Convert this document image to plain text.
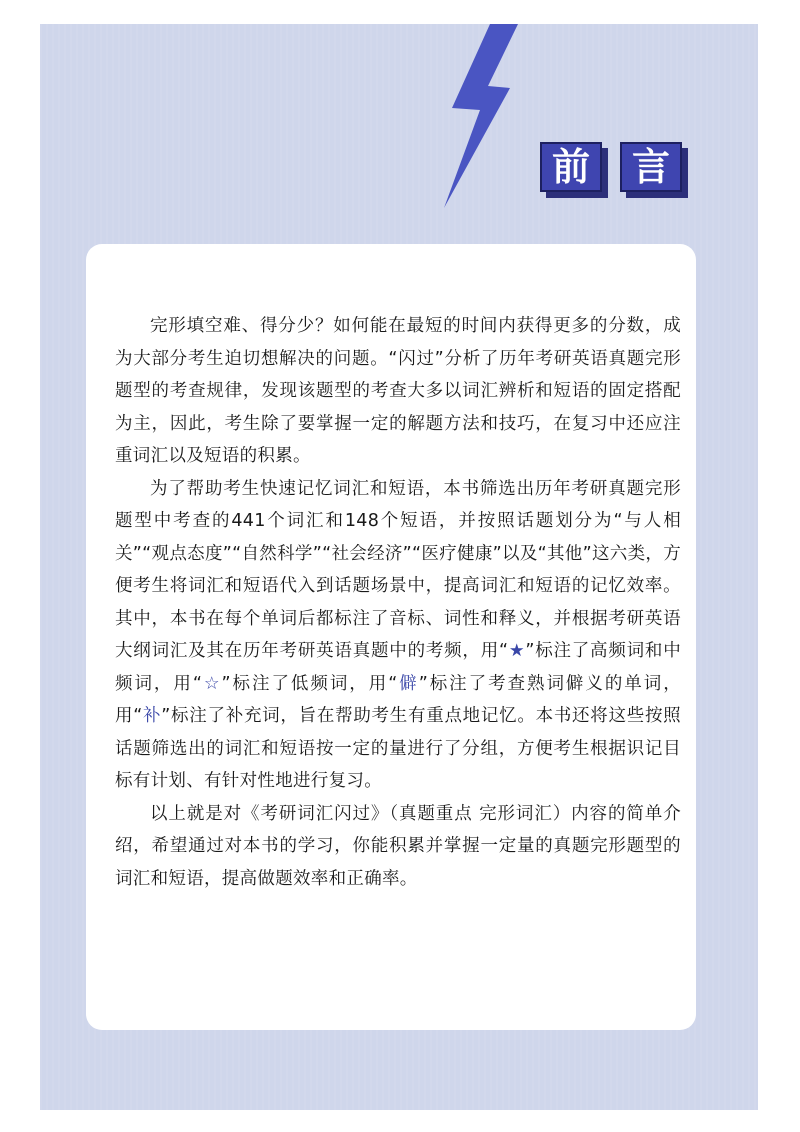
前	言

完形填空难、得分少？如何能在最短的时间内获得更多的分数，成为大部分考生迫切想解决的问题。“闪过”分析了历年考研英语真题完形题型的考查规律，发现该题型的考查大多以词汇辨析和短语的固定搭配为主，因此，考生除了要掌握一定的解题方法和技巧，在复习中还应注重词汇以及短语的积累。

为了帮助考生快速记忆词汇和短语，本书筛选出历年考研真题完形题型中考查的441个词汇和148个短语，并按照话题划分为“与人相关”“观点态度”“自然科学”“社会经济”“医疗健康”以及“其他”这六类，方便考生将词汇和短语代入到话题场景中，提高词汇和短语的记忆效率。其中，本书在每个单词后都标注了音标、词性和释义，并根据考研英语大纲词汇及其在历年考研英语真题中的考频，用“★”标注了高频词和中频词，用“☆”标注了低频词，用“僻”标注了考查熟词僻义的单词，用“补”标注了补充词，旨在帮助考生有重点地记忆。本书还将这些按照话题筛选出的词汇和短语按一定的量进行了分组，方便考生根据识记目标有计划、有针对性地进行复习。

以上就是对《考研词汇闪过》（真题重点 完形词汇）内容的简单介绍，希望通过对本书的学习，你能积累并掌握一定量的真题完形题型的词汇和短语，提高做题效率和正确率。
